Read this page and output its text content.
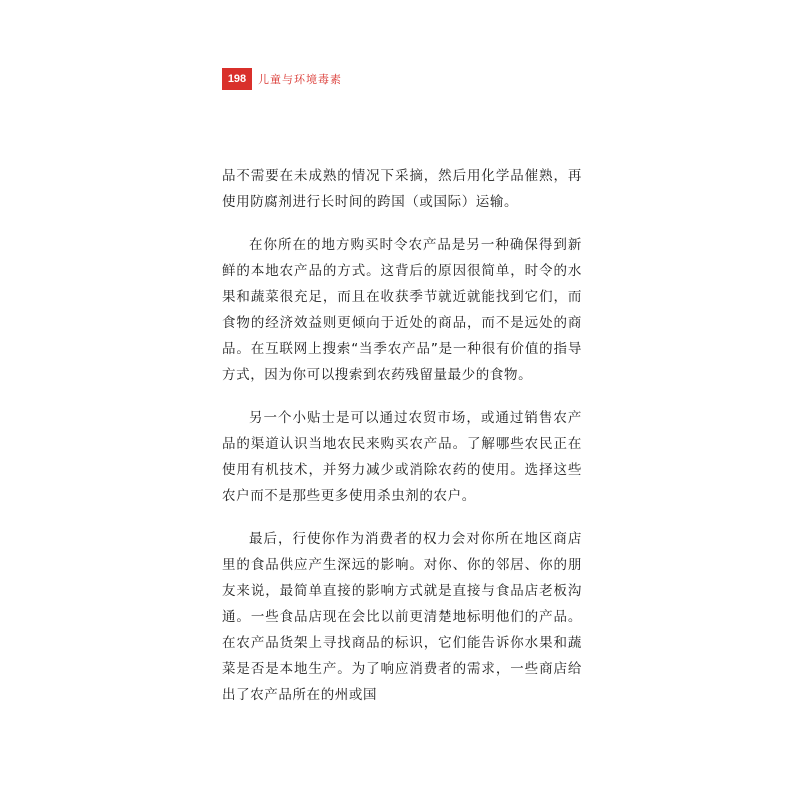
198	儿童与环境毒素

品不需要在未成熟的情况下采摘，然后用化学品催熟，再使用防腐剂进行长时间的跨国（或国际）运输。

在你所在的地方购买时令农产品是另一种确保得到新鲜的本地农产品的方式。这背后的原因很简单，时令的水果和蔬菜很充足，而且在收获季节就近就能找到它们，而食物的经济效益则更倾向于近处的商品，而不是远处的商品。在互联网上搜索“当季农产品”是一种很有价值的指导方式，因为你可以搜索到农药残留量最少的食物。

另一个小贴士是可以通过农贸市场，或通过销售农产品的渠道认识当地农民来购买农产品。了解哪些农民正在使用有机技术，并努力减少或消除农药的使用。选择这些农户而不是那些更多使用杀虫剂的农户。

最后，行使你作为消费者的权力会对你所在地区商店里的食品供应产生深远的影响。对你、你的邻居、你的朋友来说，最简单直接的影响方式就是直接与食品店老板沟通。一些食品店现在会比以前更清楚地标明他们的产品。在农产品货架上寻找商品的标识，它们能告诉你水果和蔬菜是否是本地生产。为了响应消费者的需求，一些商店给出了农产品所在的州或国
